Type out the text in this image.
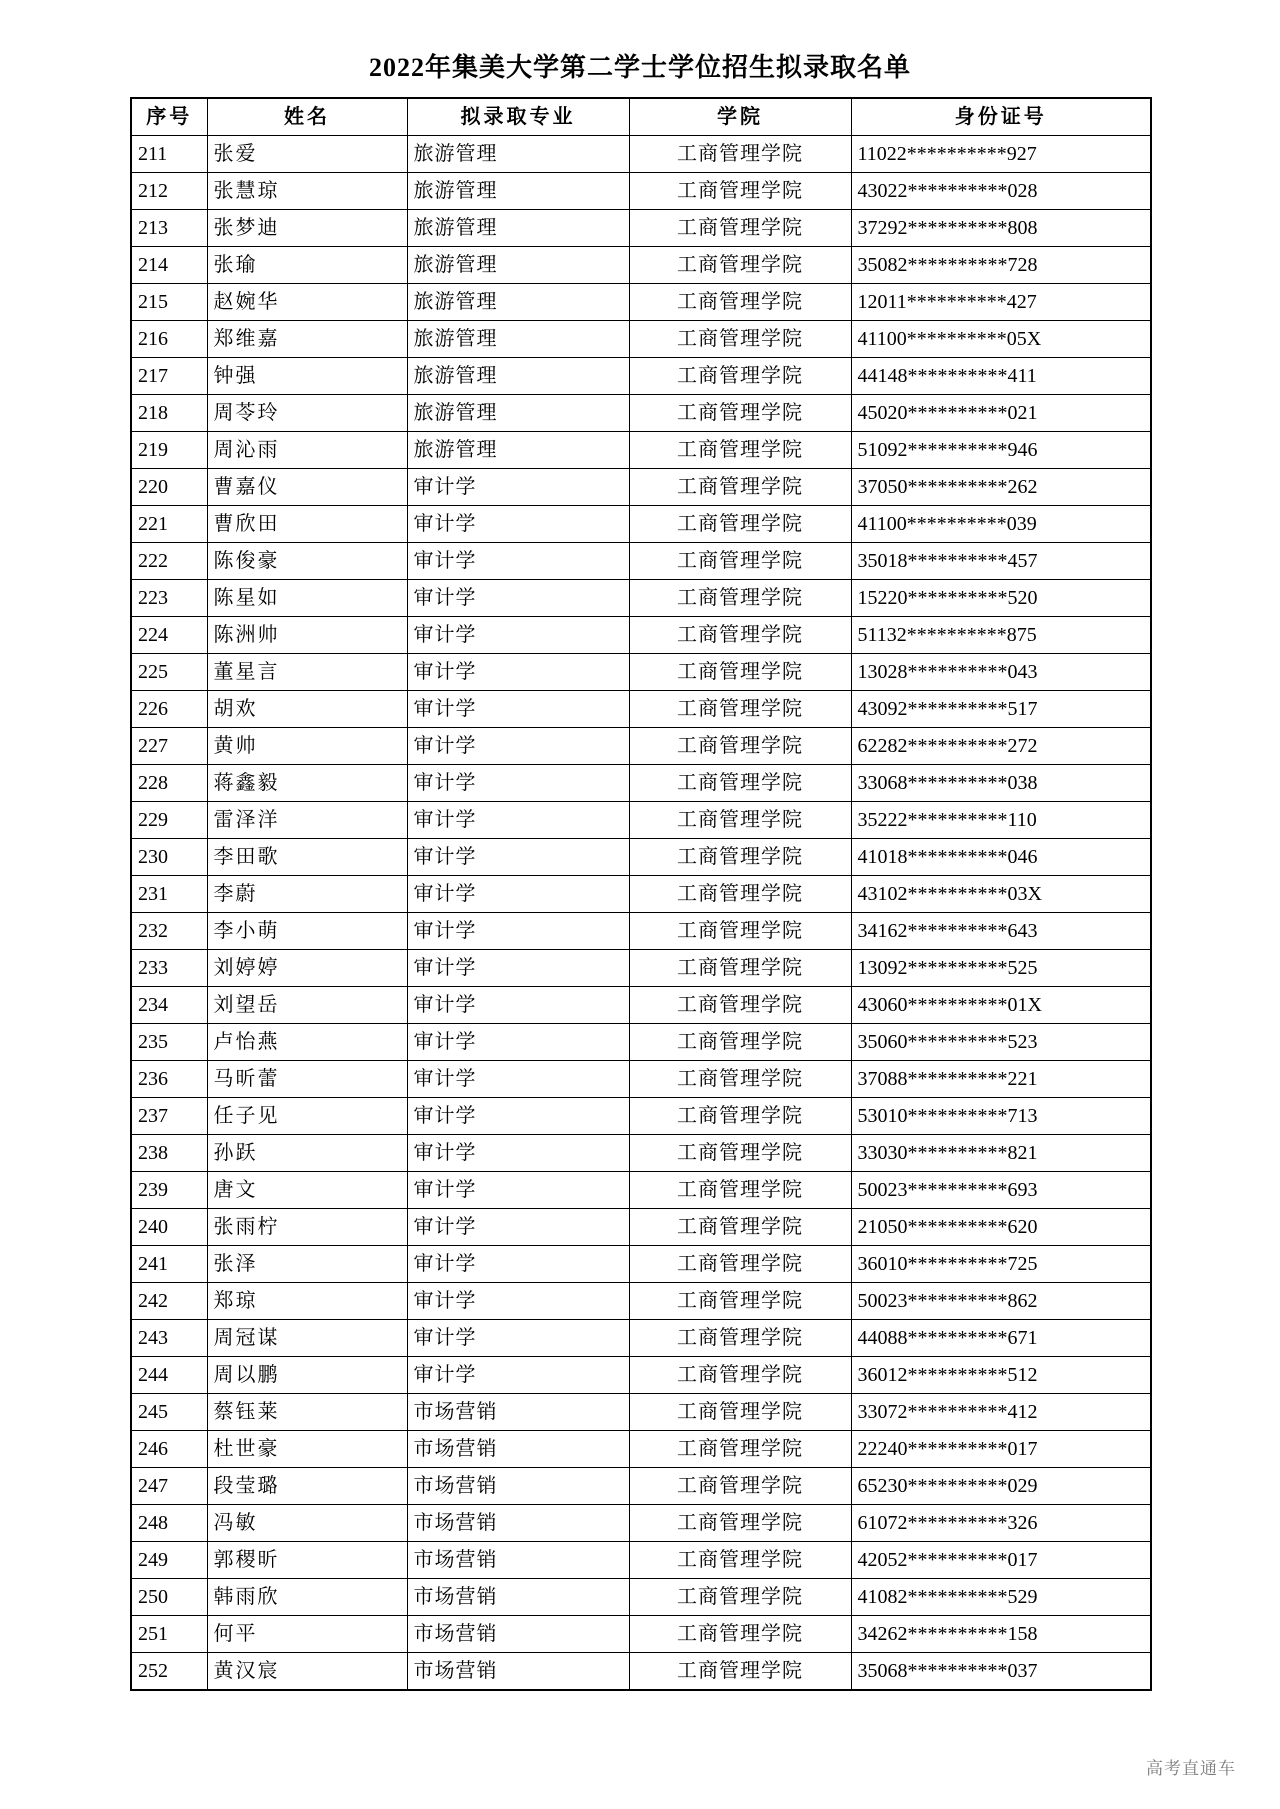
2022年集美大学第二学士学位招生拟录取名单
序号	姓名	拟录取专业	学院	身份证号
211	张爱	旅游管理	工商管理学院	11022**********927
212	张慧琼	旅游管理	工商管理学院	43022**********028
213	张梦迪	旅游管理	工商管理学院	37292**********808
214	张瑜	旅游管理	工商管理学院	35082**********728
215	赵婉华	旅游管理	工商管理学院	12011**********427
216	郑维嘉	旅游管理	工商管理学院	41100**********05X
217	钟强	旅游管理	工商管理学院	44148**********411
218	周苓玲	旅游管理	工商管理学院	45020**********021
219	周沁雨	旅游管理	工商管理学院	51092**********946
220	曹嘉仪	审计学	工商管理学院	37050**********262
221	曹欣田	审计学	工商管理学院	41100**********039
222	陈俊豪	审计学	工商管理学院	35018**********457
223	陈星如	审计学	工商管理学院	15220**********520
224	陈洲帅	审计学	工商管理学院	51132**********875
225	董星言	审计学	工商管理学院	13028**********043
226	胡欢	审计学	工商管理学院	43092**********517
227	黄帅	审计学	工商管理学院	62282**********272
228	蒋鑫毅	审计学	工商管理学院	33068**********038
229	雷泽洋	审计学	工商管理学院	35222**********110
230	李田歌	审计学	工商管理学院	41018**********046
231	李蔚	审计学	工商管理学院	43102**********03X
232	李小萌	审计学	工商管理学院	34162**********643
233	刘婷婷	审计学	工商管理学院	13092**********525
234	刘望岳	审计学	工商管理学院	43060**********01X
235	卢怡燕	审计学	工商管理学院	35060**********523
236	马昕蕾	审计学	工商管理学院	37088**********221
237	任子见	审计学	工商管理学院	53010**********713
238	孙跃	审计学	工商管理学院	33030**********821
239	唐文	审计学	工商管理学院	50023**********693
240	张雨柠	审计学	工商管理学院	21050**********620
241	张泽	审计学	工商管理学院	36010**********725
242	郑琼	审计学	工商管理学院	50023**********862
243	周冠谋	审计学	工商管理学院	44088**********671
244	周以鹏	审计学	工商管理学院	36012**********512
245	蔡钰莱	市场营销	工商管理学院	33072**********412
246	杜世豪	市场营销	工商管理学院	22240**********017
247	段莹璐	市场营销	工商管理学院	65230**********029
248	冯敏	市场营销	工商管理学院	61072**********326
249	郭稷昕	市场营销	工商管理学院	42052**********017
250	韩雨欣	市场营销	工商管理学院	41082**********529
251	何平	市场营销	工商管理学院	34262**********158
252	黄汉宸	市场营销	工商管理学院	35068**********037
高考直通车
